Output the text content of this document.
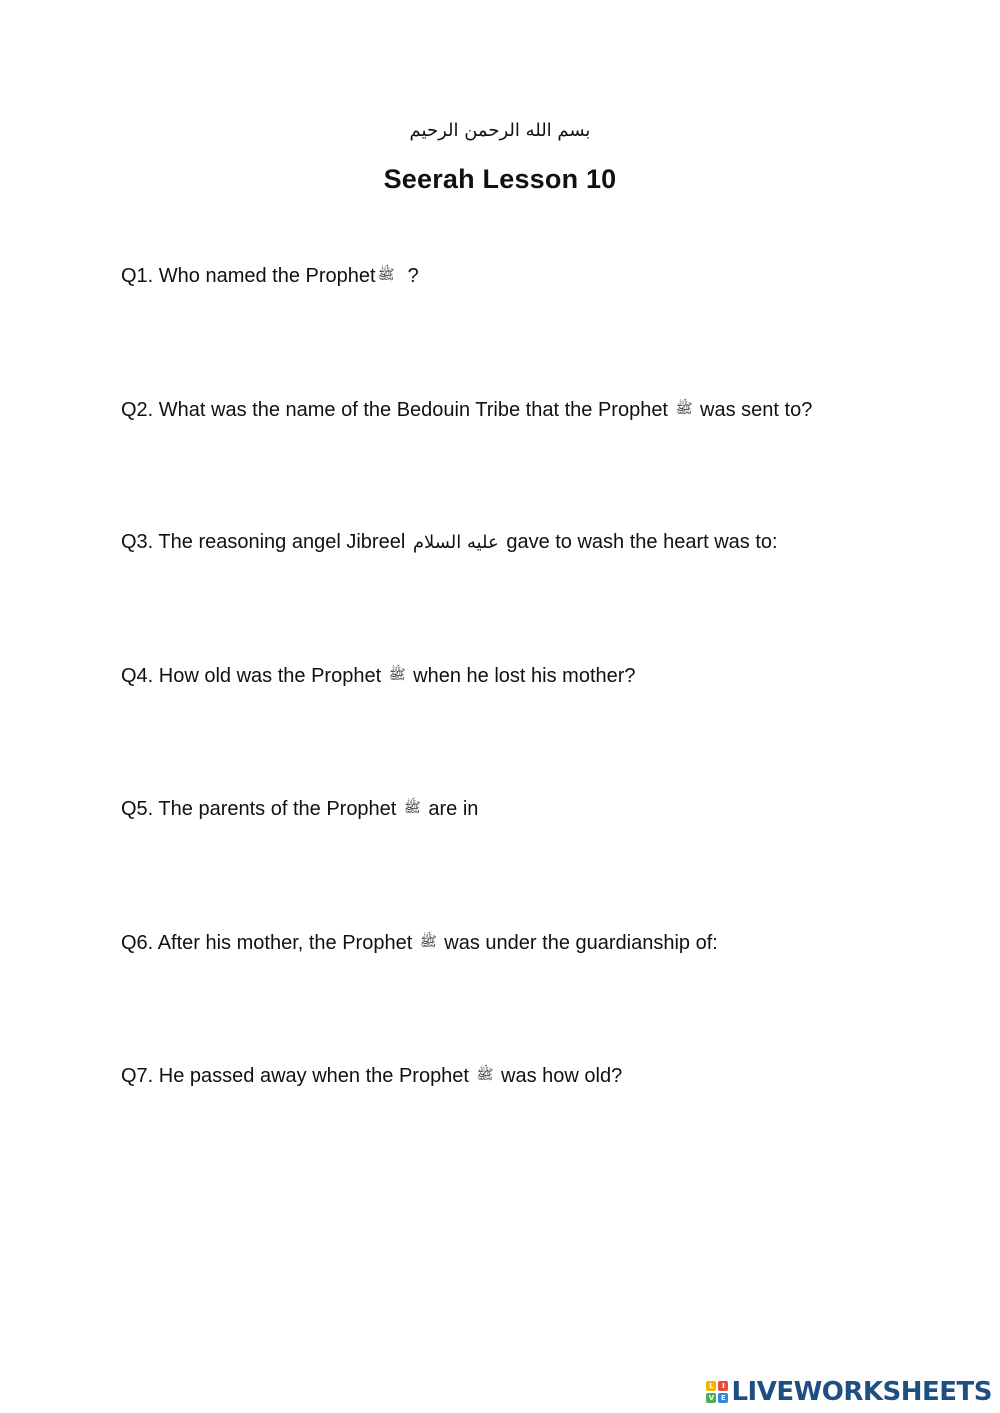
بسم الله الرحمن الرحيم
Seerah Lesson 10
Q1. Who named the Prophet ﷺ  ?
Q2. What was the name of the Bedouin Tribe that the Prophet ﷺ was sent to?
Q3. The reasoning angel Jibreel عليه السلام gave to wash the heart was to:
Q4. How old was the Prophet ﷺ when he lost his mother?
Q5. The parents of the Prophet ﷺ are in
Q6. After his mother, the Prophet ﷺ was under the guardianship of:
Q7. He passed away when the Prophet ﷺ was how old?
L	I
V E LIVEWORKSHEETS
